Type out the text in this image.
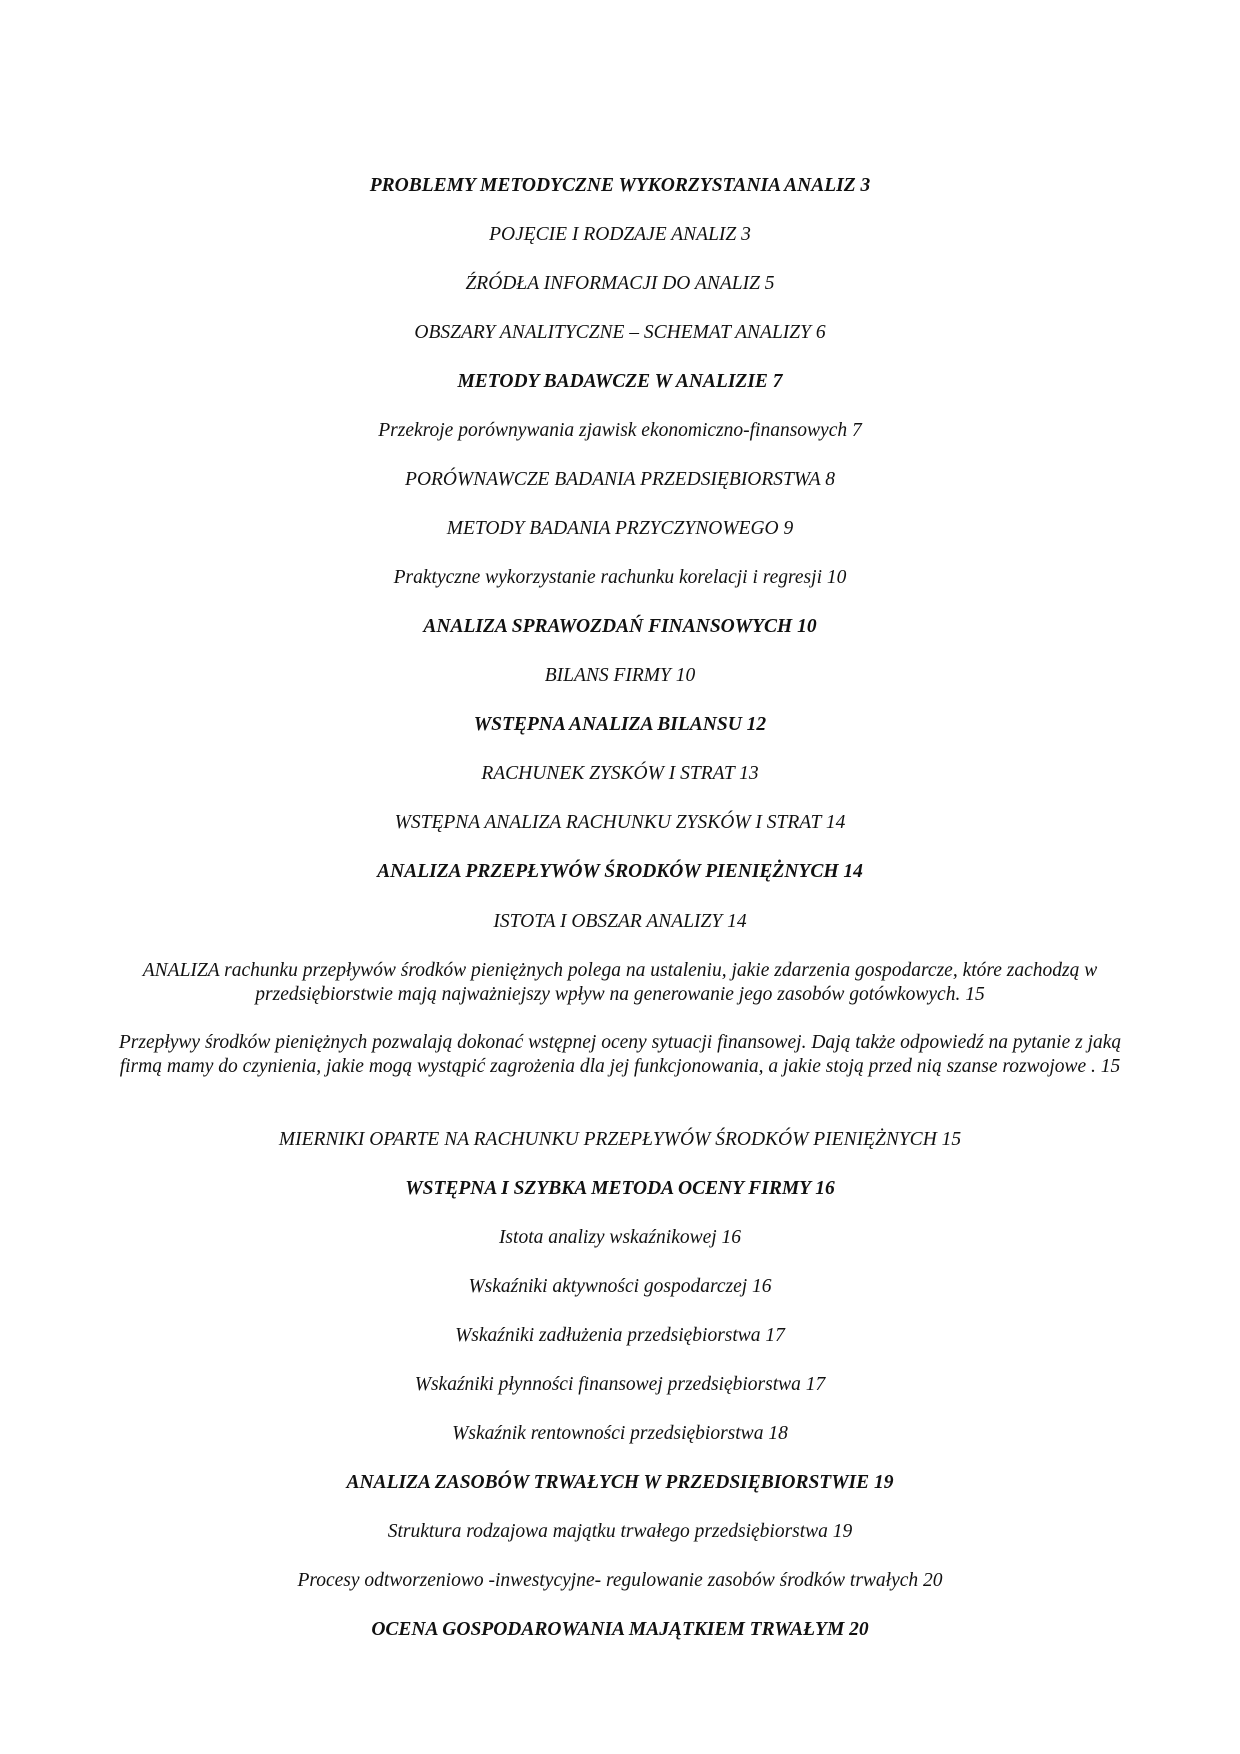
PROBLEMY METODYCZNE WYKORZYSTANIA ANALIZ 3

POJĘCIE I RODZAJE ANALIZ 3

ŹRÓDŁA INFORMACJI DO ANALIZ 5

OBSZARY ANALITYCZNE – SCHEMAT ANALIZY 6

METODY BADAWCZE W ANALIZIE 7

Przekroje porównywania zjawisk ekonomiczno-finansowych 7

PORÓWNAWCZE BADANIA PRZEDSIĘBIORSTWA 8

METODY BADANIA PRZYCZYNOWEGO 9

Praktyczne wykorzystanie rachunku korelacji i regresji 10

ANALIZA SPRAWOZDAŃ FINANSOWYCH 10

BILANS FIRMY 10

WSTĘPNA ANALIZA BILANSU 12

RACHUNEK ZYSKÓW I STRAT 13

WSTĘPNA ANALIZA RACHUNKU ZYSKÓW I STRAT 14

ANALIZA PRZEPŁYWÓW ŚRODKÓW PIENIĘŻNYCH 14

ISTOTA I OBSZAR ANALIZY 14

ANALIZA rachunku przepływów środków pieniężnych polega na ustaleniu, jakie zdarzenia gospodarcze, które zachodzą w przedsiębiorstwie mają najważniejszy wpływ na generowanie jego zasobów gotówkowych. 15

Przepływy środków pieniężnych pozwalają dokonać wstępnej oceny sytuacji finansowej. Dają także odpowiedź na pytanie z jaką firmą mamy do czynienia, jakie mogą wystąpić zagrożenia dla jej funkcjonowania, a jakie stoją przed nią szanse rozwojowe . 15

MIERNIKI OPARTE NA RACHUNKU PRZEPŁYWÓW ŚRODKÓW PIENIĘŻNYCH 15

WSTĘPNA I SZYBKA METODA OCENY FIRMY 16

Istota analizy wskaźnikowej 16

Wskaźniki aktywności gospodarczej 16

Wskaźniki zadłużenia przedsiębiorstwa 17

Wskaźniki płynności finansowej przedsiębiorstwa 17

Wskaźnik rentowności przedsiębiorstwa 18

ANALIZA ZASOBÓW TRWAŁYCH W PRZEDSIĘBIORSTWIE 19

Struktura rodzajowa majątku trwałego przedsiębiorstwa 19

Procesy odtworzeniowo -inwestycyjne- regulowanie zasobów środków trwałych 20

OCENA GOSPODAROWANIA MAJĄTKIEM TRWAŁYM 20
